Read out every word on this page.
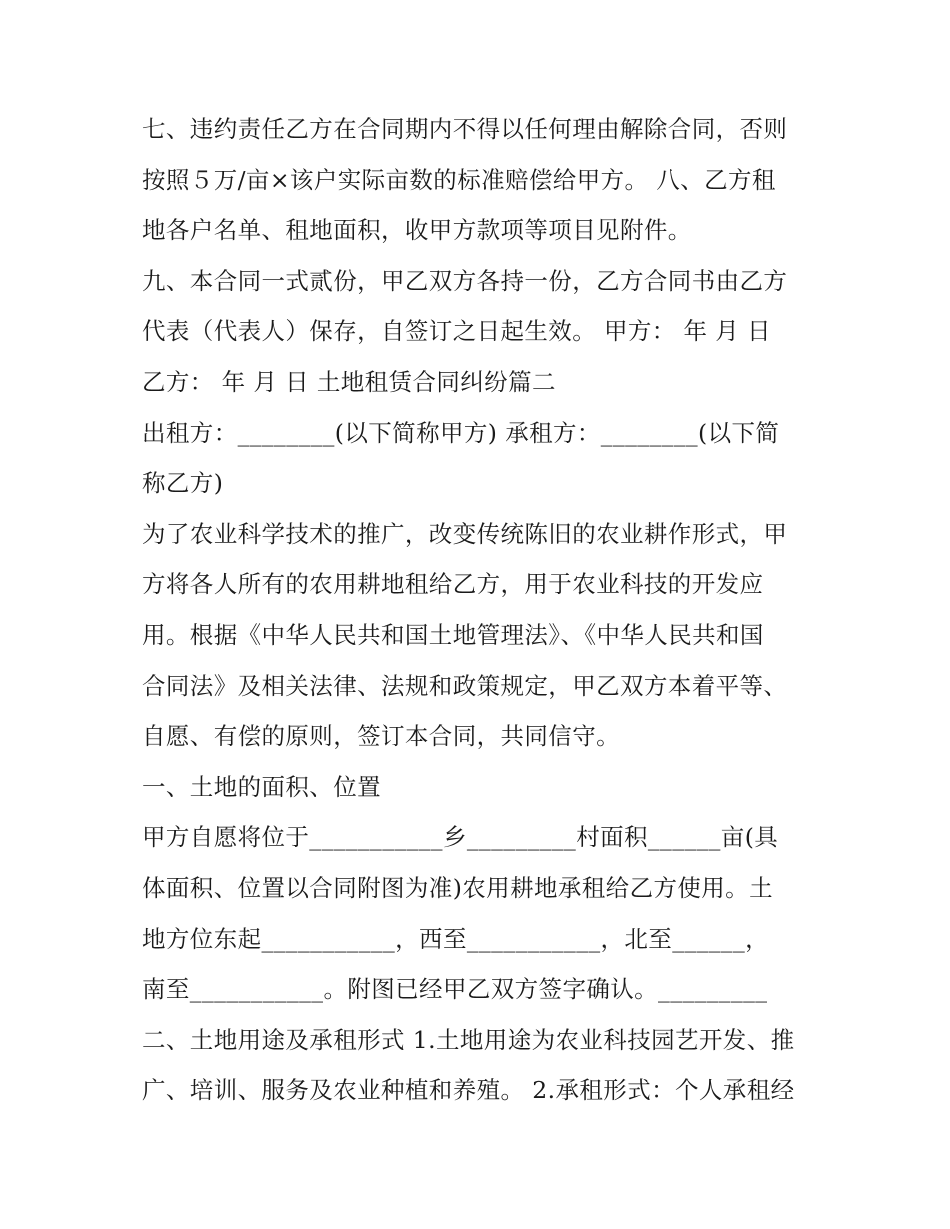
七、违约责任乙方在合同期内不得以任何理由解除合同，否则
按照５万/亩×该户实际亩数的标准赔偿给甲方。 八、乙方租
地各户名单、租地面积，收甲方款项等项目见附件。
九、本合同一式贰份，甲乙双方各持一份，乙方合同书由乙方
代表（代表人）保存，自签订之日起生效。 甲方： 年 月 日
乙方： 年 月 日 土地租赁合同纠纷篇二
出租方：________(以下简称甲方) 承租方：________(以下简
称乙方)
为了农业科学技术的推广，改变传统陈旧的农业耕作形式，甲
方将各人所有的农用耕地租给乙方，用于农业科技的开发应
用。根据《中华人民共和国土地管理法》、《中华人民共和国
合同法》及相关法律、法规和政策规定，甲乙双方本着平等、
自愿、有偿的原则，签订本合同，共同信守。
一、土地的面积、位置
甲方自愿将位于___________乡_________村面积______亩(具
体面积、位置以合同附图为准)农用耕地承租给乙方使用。土
地方位东起___________，西至___________，北至______，
南至___________。附图已经甲乙双方签字确认。_________
二、土地用途及承租形式 1.土地用途为农业科技园艺开发、推
广、培训、服务及农业种植和养殖。 2.承租形式：个人承租经
